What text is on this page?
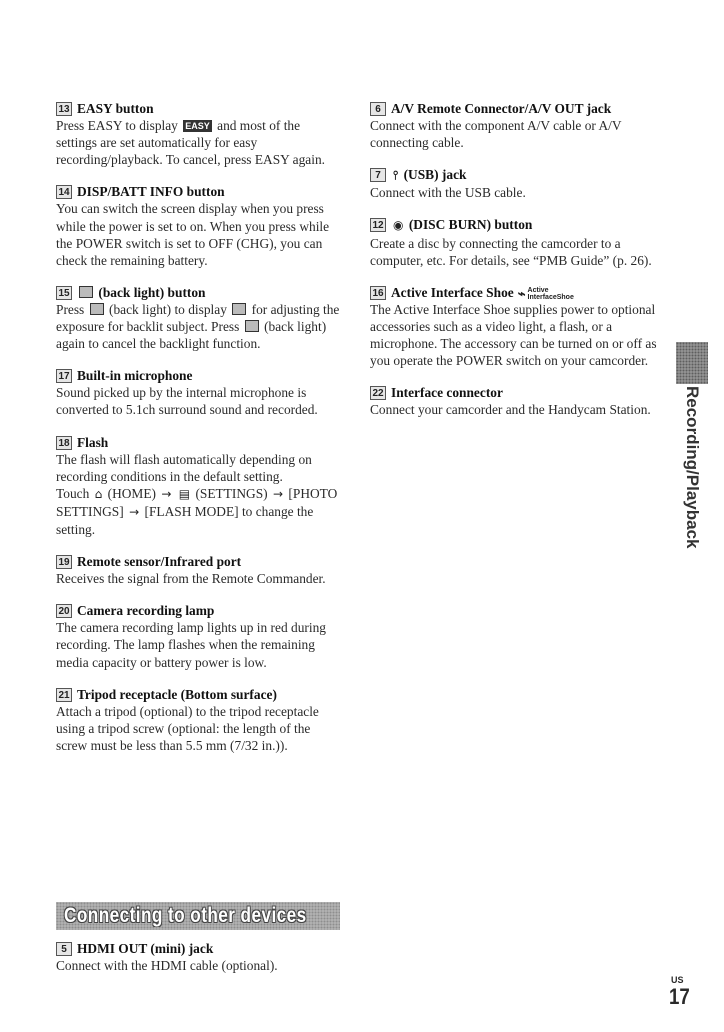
13 EASY button

Press EASY to display EASY and most of the settings are set automatically for easy recording/playback. To cancel, press EASY again.

14 DISP/BATT INFO button

You can switch the screen display when you press while the power is set to on. When you press while the POWER switch is set to OFF (CHG), you can check the remaining battery.

15 (back light) button

Press (back light) to display for adjusting the exposure for backlit subject. Press (back light) again to cancel the backlight function.

17 Built-in microphone

Sound picked up by the internal microphone is converted to 5.1ch surround sound and recorded.

18 Flash

The flash will flash automatically depending on recording conditions in the default setting.

Touch ⌂ (HOME) → ▤ (SETTINGS) → [PHOTO SETTINGS] → [FLASH MODE] to change the setting.

19 Remote sensor/Infrared port

Receives the signal from the Remote Commander.

20 Camera recording lamp

The camera recording lamp lights up in red during recording. The lamp flashes when the remaining media capacity or battery power is low.

21 Tripod receptacle (Bottom surface)

Attach a tripod (optional) to the tripod receptacle using a tripod screw (optional: the length of the screw must be less than 5.5 mm (7/32 in.)).

Connecting to other devices

5 HDMI OUT (mini) jack

Connect with the HDMI cable (optional).

6 A/V Remote Connector/A/V OUT jack

Connect with the component A/V cable or A/V connecting cable.

7 ⫯ (USB) jack

Connect with the USB cable.

12 ◉ (DISC BURN) button

Create a disc by connecting the camcorder to a computer, etc. For details, see “PMB Guide” (p. 26).

16 Active Interface Shoe ⌁ Active
InterfaceShoe

The Active Interface Shoe supplies power to optional accessories such as a video light, a flash, or a microphone. The accessory can be turned on or off as you operate the POWER switch on your camcorder.

22 Interface connector

Connect your camcorder and the Handycam Station.	Recording/Playback
US
17
